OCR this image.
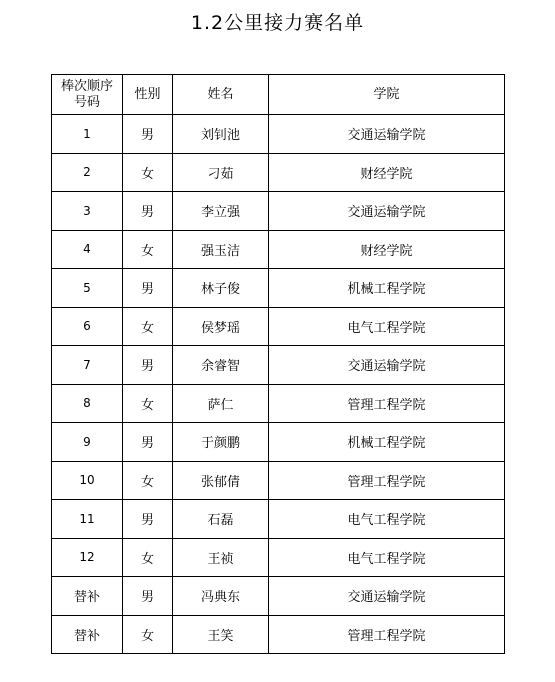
1.2公里接力赛名单
棒次顺序号码	性别	姓名	学院
1	男	刘钊池	交通运输学院
2	女	刁茹	财经学院
3	男	李立强	交通运输学院
4	女	强玉洁	财经学院
5	男	林子俊	机械工程学院
6	女	侯梦瑶	电气工程学院
7	男	余睿智	交通运输学院
8	女	萨仁	管理工程学院
9	男	于颜鹏	机械工程学院
10	女	张郁倩	管理工程学院
11	男	石磊	电气工程学院
12	女	王祯	电气工程学院
替补	男	冯典东	交通运输学院
替补	女	王笑	管理工程学院
